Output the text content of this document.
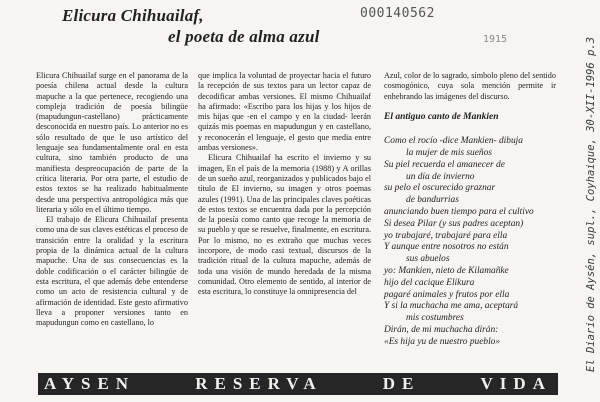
Elicura Chihuailaf,
el poeta de alma azul
000140562
1915	El Diario de Aysén, supl., Coyhaique, 30-XII-1996 p.3

Elicura Chihuailaf surge en el panorama de la poesía chilena actual desde la cultura mapuche a la que pertenece, recogiendo una compleja tradición de poesía bilingüe (mapudungun-castellano) prácticamente desconocida en nuestro país. Lo anterior no es sólo resultado de que le uso artístico del lenguaje sea fundamentalmente oral en esta cultura, sino también producto de una manifiesta despreocupación de parte de la crítica literaria. Por otra parte, el estudio de estos textos se ha realizado habitualmente desde una perspectiva antropológica más que literaria y sólo en el último tiempo.

El trabajo de Elicura Chihuailaf presenta como una de sus claves estéticas el proceso de transición entre la oralidad y la escritura propia de la dinámica actual de la cultura mapuche. Una de sus consecuencias es la doble codificación o el carácter bilingüe de esta escritura, el que además debe entenderse como un acto de resistencia cultural y de afirmación de identidad. Este gesto afirmativo lleva a proponer versiones tanto en mapudungun como en castellano, lo

que implica la voluntad de proyectar hacia el futuro la recepción de sus textos para un lector capaz de decodificar ambas versiones. El mismo Chihuailaf ha afirmado: «Escribo para los hijas y los hijos de mis hijas que -en el campo y en la ciudad- leerán quizás mis poemas en mapudungun y en castellano, y reconocerán el lenguaje, el gesto que media entre ambas versiones».

Elicura Chihuailaf ha escrito el invierno y su imagen, En el país de la memoria (1988) y A orillas de un sueño azul, reorganizados y publicados bajo el título de El invierno, su imagen y otros poemas azules (1991). Una de las principales claves poéticas de estos textos se encuentra dada por la percepción de la poesía como canto que recoge la memoria de su pueblo y que se resuelve, finalmente, en escritura. Por lo mismo, no es extraño que muchas veces incorpore, de modo casi textual, discursos de la tradición ritual de la cultura mapuche, además de toda una visión de mundo heredada de la misma comunidad. Otro elemento de sentido, al interior de esta escritura, lo constituye la omnipresencia del

Azul, color de lo sagrado, símbolo pleno del sentido cosmogónico, cuya sola mención permite ir enhebrando las imágenes del discurso.

El antiguo canto de Mankien
Como el rocío -dice Mankien- dibuja
la mujer de mis sueños
Su piel recuerda el amanecer de
un día de invierno
su pelo el oscurecido graznar
de bandurrias
anunciando buen tiempo para el cultivo
Si desea Pilar (y sus padres aceptan)
yo trabajaré, trabajaré para ella
Y aunque entre nosotros no están
sus abuelos
yo: Mankien, nieto de Kilamañke
hijo del cacique Elikura
pagaré animales y frutos por ella
Y si la muchacha me ama, aceptará
mis costumbres
Dirán, de mi muchacha dirán:
«Es hija yu de nuestro pueblo»
AYSEN	RESERVA	DE	VIDA
